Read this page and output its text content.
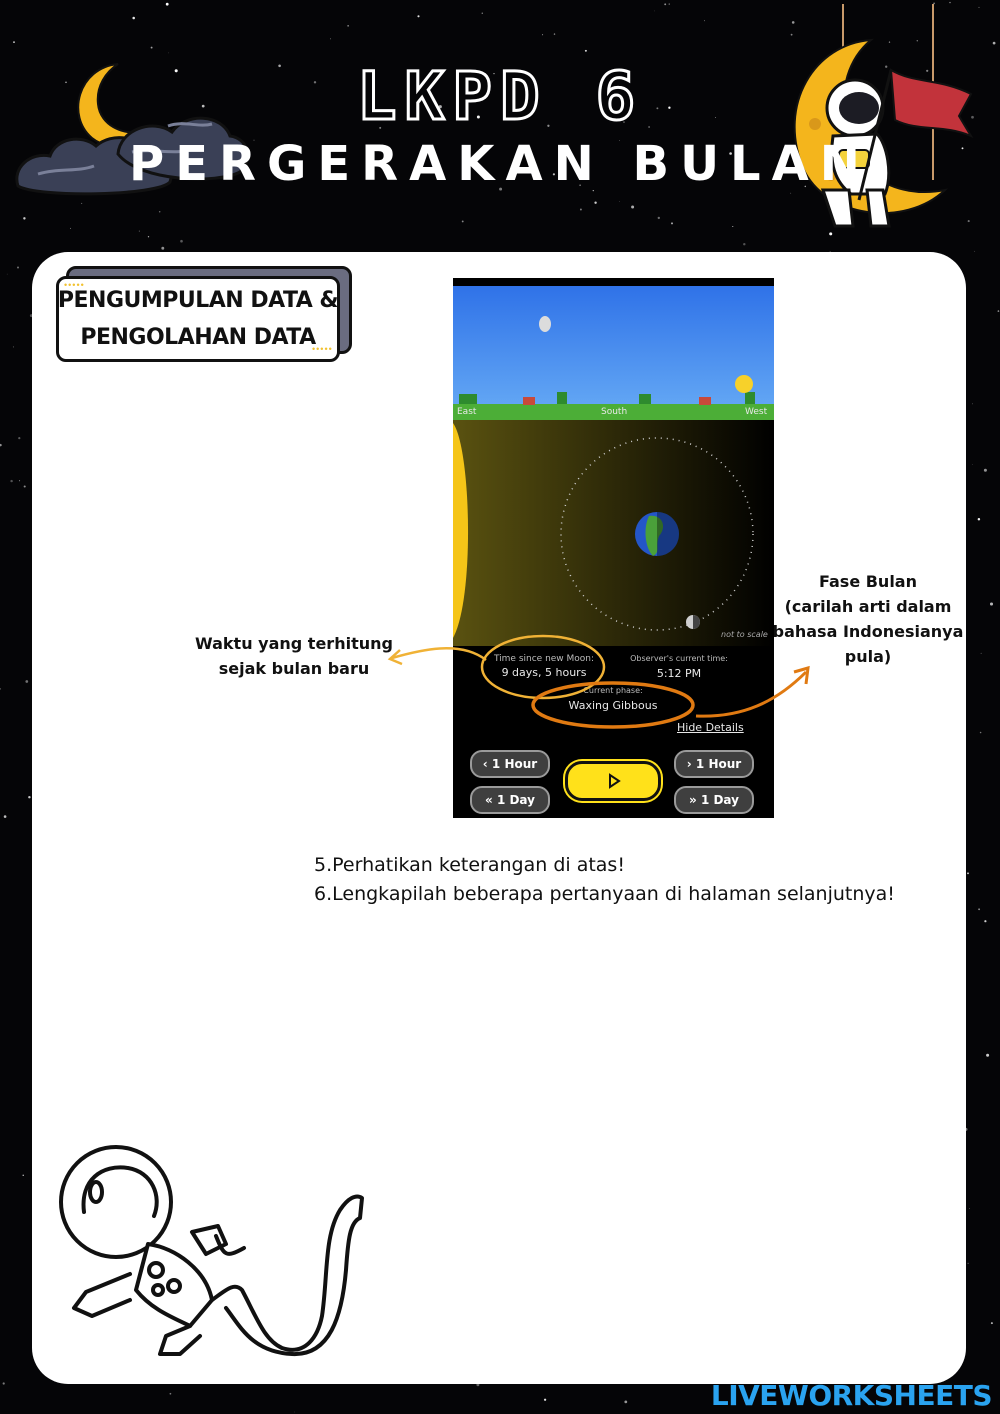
LKPD 6
PERGERAKAN BULAN
•••••
•••••
PENGUMPULAN DATA &
PENGOLAHAN DATA
East	South	West
not to scale
Time since new Moon:
9 days, 5 hours
Observer's current time:
5:12 PM
Current phase:
Waxing Gibbous
Hide Details
‹ 1 Hour
« 1 Day
› 1 Hour
» 1 Day
Waktu yang terhitung
sejak bulan baru
Fase Bulan
(carilah arti dalam
bahasa Indonesianya
pula)
5.Perhatikan keterangan di atas!
6.Lengkapilah beberapa pertanyaan di halaman selanjutnya!
LIVEWORKSHEETS
